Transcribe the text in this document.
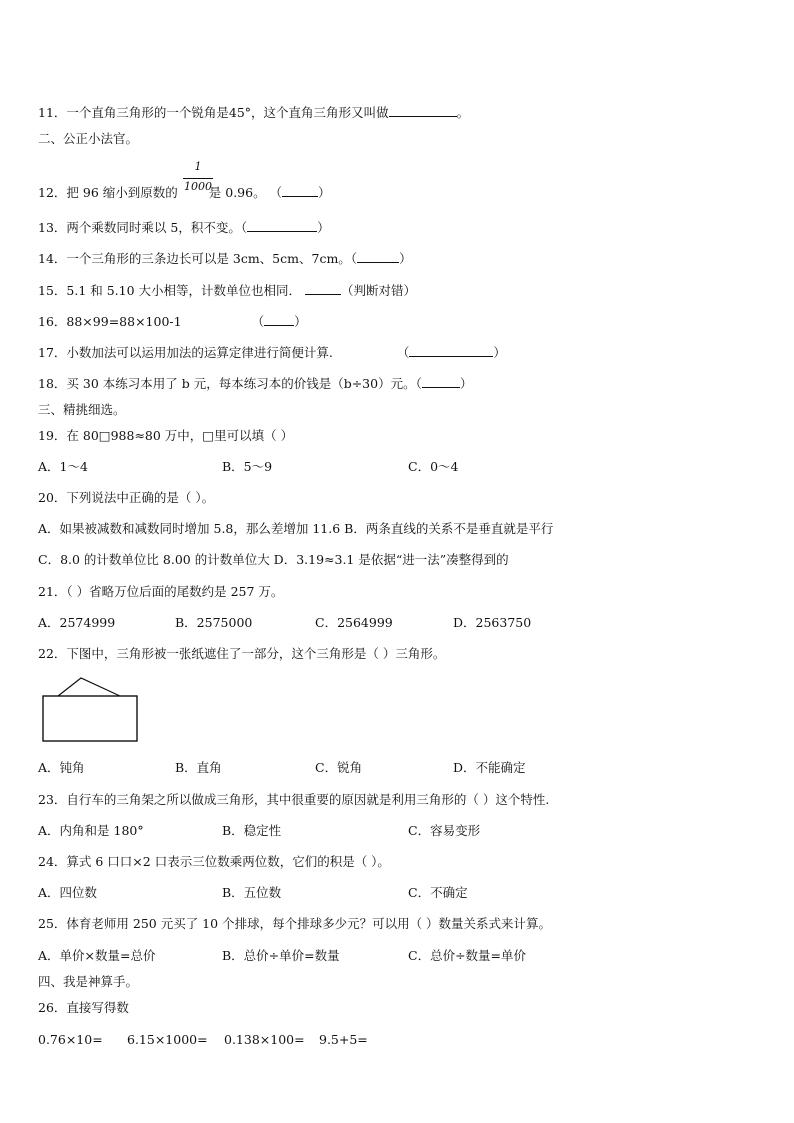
11．一个直角三角形的一个锐角是45°，这个直角三角形又叫做	。
二、公正小法官。
1
1000
12．把 96 缩小到原数的 是 0.96。 （	）
13．两个乘数同时乘以 5，积不变。（	）
14．一个三角形的三条边长可以是 3cm、5cm、7cm。（	）
15．5.1 和 5.10 大小相等，计数单位也相同．	（判断对错）
16．88×99=88×100-1	（ ）
17．小数加法可以运用加法的运算定律进行简便计算.	（	）
18．买 30 本练习本用了 b 元，每本练习本的价钱是（b÷30）元。（	）
三、精挑细选。
19．在 80□988≈80 万中，□里可以填（ ）
A．1～4	B．5～9	C．0～4
20．下列说法中正确的是（ ）。
A．如果被减数和减数同时增加 5.8，那么差增加 11.6 B．两条直线的关系不是垂直就是平行
C．8.0 的计数单位比 8.00 的计数单位大 D．3.19≈3.1 是依据“进一法”凑整得到的
21．（ ）省略万位后面的尾数约是 257 万。
A．2574999	B．2575000	C．2564999	D．2563750
22．下图中，三角形被一张纸遮住了一部分，这个三角形是（ ）三角形。
A．钝角	B．直角	C．锐角	D．不能确定
23．自行车的三角架之所以做成三角形，其中很重要的原因就是利用三角形的（ ）这个特性.
A．内角和是 180°	B．稳定性	C．容易变形
24．算式 6 口口×2 口表示三位数乘两位数，它们的积是（ ）。
A．四位数	B．五位数	C．不确定
25．体育老师用 250 元买了 10 个排球，每个排球多少元？可以用（ ）数量关系式来计算。
A．单价×数量=总价	B．总价÷单价=数量	C．总价÷数量=单价
四、我是神算手。
26．直接写得数
0.76×10= 6.15×1000= 0.138×100= 9.5+5=
